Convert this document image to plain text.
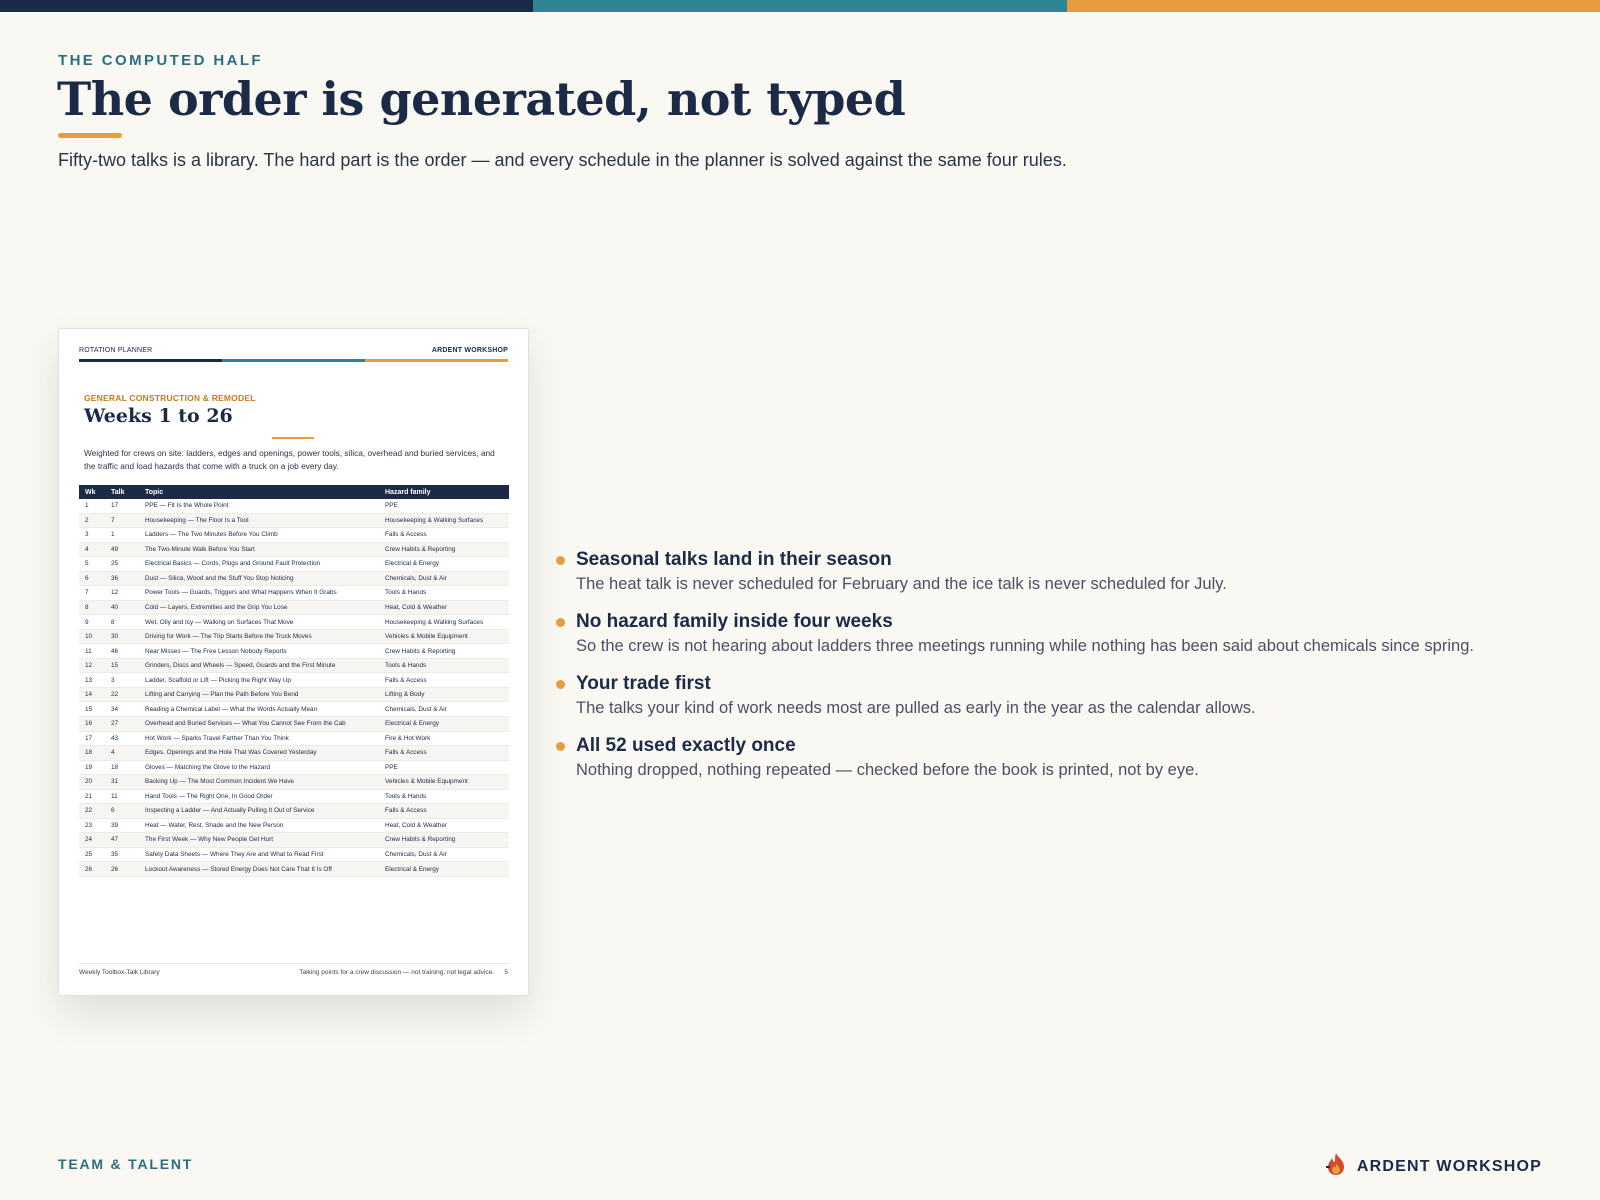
THE COMPUTED HALF
The order is generated, not typed
Fifty-two talks is a library. The hard part is the order — and every schedule in the planner is solved against the same four rules.
ROTATION PLANNER	ARDENT WORKSHOP
GENERAL CONSTRUCTION & REMODEL
Weeks 1 to 26
Weighted for crews on site: ladders, edges and openings, power tools, silica, overhead and buried services, and the traffic and load hazards that come with a truck on a job every day.
Wk	Talk	Topic	Hazard family
1	17	PPE — Fit Is the Whole Point	PPE
2	7	Housekeeping — The Floor Is a Tool	Housekeeping & Walking Surfaces
3	1	Ladders — The Two Minutes Before You Climb	Falls & Access
4	49	The Two-Minute Walk Before You Start	Crew Habits & Reporting
5	25	Electrical Basics — Cords, Plugs and Ground Fault Protection	Electrical & Energy
6	36	Dust — Silica, Wood and the Stuff You Stop Noticing	Chemicals, Dust & Air
7	12	Power Tools — Guards, Triggers and What Happens When It Grabs	Tools & Hands
8	40	Cold — Layers, Extremities and the Grip You Lose	Heat, Cold & Weather
9	8	Wet, Oily and Icy — Walking on Surfaces That Move	Housekeeping & Walking Surfaces
10	30	Driving for Work — The Trip Starts Before the Truck Moves	Vehicles & Mobile Equipment
11	46	Near Misses — The Free Lesson Nobody Reports	Crew Habits & Reporting
12	15	Grinders, Discs and Wheels — Speed, Guards and the First Minute	Tools & Hands
13	3	Ladder, Scaffold or Lift — Picking the Right Way Up	Falls & Access
14	22	Lifting and Carrying — Plan the Path Before You Bend	Lifting & Body
15	34	Reading a Chemical Label — What the Words Actually Mean	Chemicals, Dust & Air
16	27	Overhead and Buried Services — What You Cannot See From the Cab	Electrical & Energy
17	43	Hot Work — Sparks Travel Farther Than You Think	Fire & Hot Work
18	4	Edges, Openings and the Hole That Was Covered Yesterday	Falls & Access
19	18	Gloves — Matching the Glove to the Hazard	PPE
20	31	Backing Up — The Most Common Incident We Have	Vehicles & Mobile Equipment
21	11	Hand Tools — The Right One, In Good Order	Tools & Hands
22	6	Inspecting a Ladder — And Actually Pulling It Out of Service	Falls & Access
23	39	Heat — Water, Rest, Shade and the New Person	Heat, Cold & Weather
24	47	The First Week — Why New People Get Hurt	Crew Habits & Reporting
25	35	Safety Data Sheets — Where They Are and What to Read First	Chemicals, Dust & Air
26	26	Lockout Awareness — Stored Energy Does Not Care That It Is Off	Electrical & Energy
Weekly Toolbox-Talk Library	Talking points for a crew discussion — not training, not legal advice. 5
Seasonal talks land in their season
The heat talk is never scheduled for February and the ice talk is never scheduled for July.
No hazard family inside four weeks
So the crew is not hearing about ladders three meetings running while nothing has been said about chemicals since spring.
Your trade first
The talks your kind of work needs most are pulled as early in the year as the calendar allows.
All 52 used exactly once
Nothing dropped, nothing repeated — checked before the book is printed, not by eye.
TEAM & TALENT	ARDENT WORKSHOP
